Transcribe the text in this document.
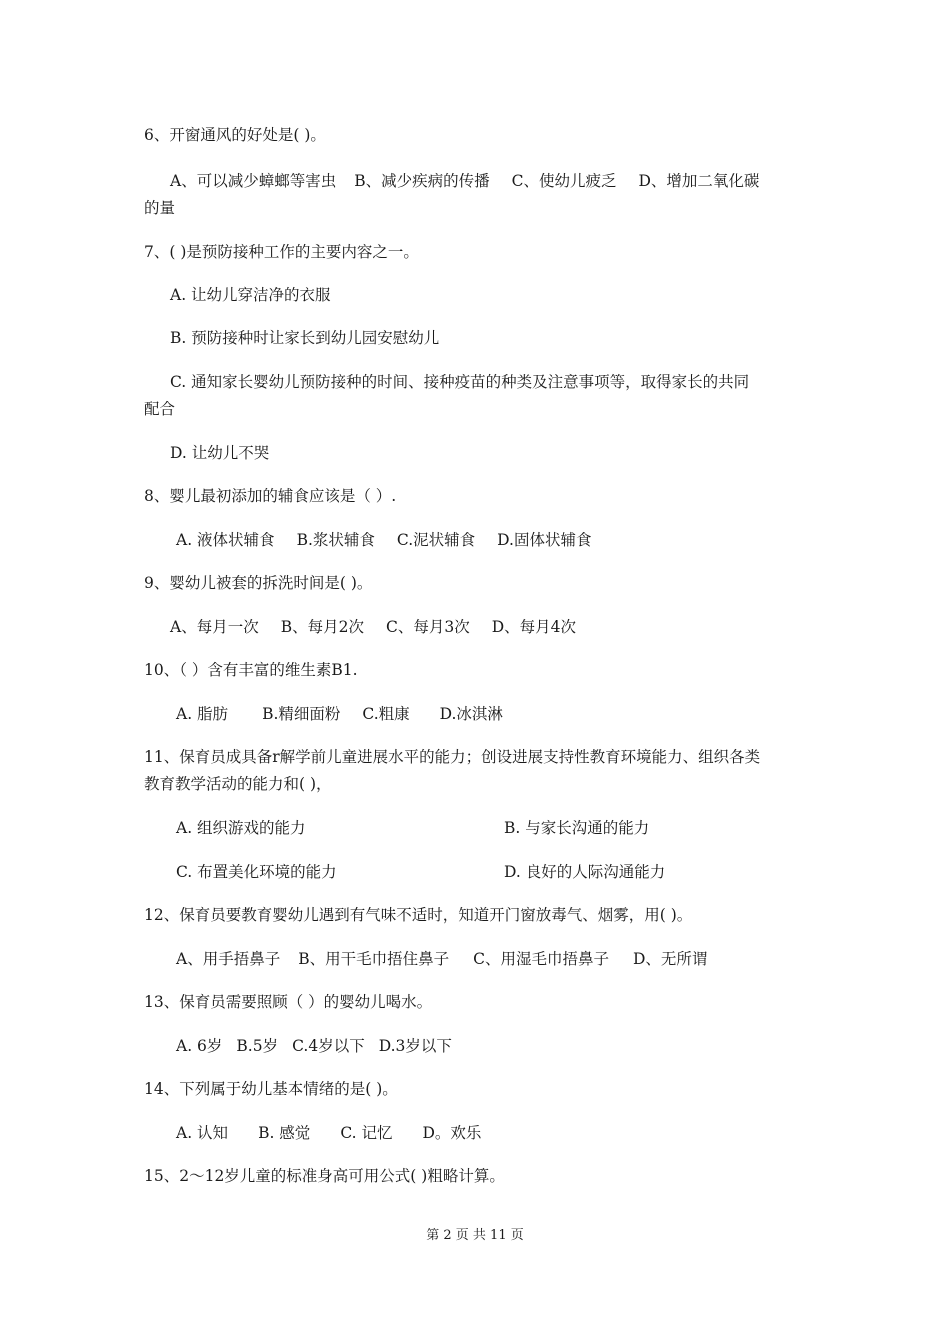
6、开窗通风的好处是( )。
A、可以减少蟑螂等害虫 B、减少疾病的传播 C、使幼儿疲乏 D、增加二氧化碳
的量
7、( )是预防接种工作的主要内容之一。
A. 让幼儿穿洁净的衣服
B. 预防接种时让家长到幼儿园安慰幼儿
C. 通知家长婴幼儿预防接种的时间、接种疫苗的种类及注意事项等，取得家长的共同
配合
D. 让幼儿不哭
8、婴儿最初添加的辅食应该是（ ）.
A. 液体状辅食 B.浆状辅食 C.泥状辅食 D.固体状辅食
9、婴幼儿被套的拆洗时间是( )。
A、每月一次 B、每月2次 C、每月3次 D、每月4次
10、（ ）含有丰富的维生素B1.
A. 脂肪 B.精细面粉 C.粗康 D.冰淇淋
11、保育员成具备r解学前儿童进展水平的能力；创设进展支持性教育环境能力、组织各类
教育教学活动的能力和( )，
A. 组织游戏的能力	B. 与家长沟通的能力
C. 布置美化环境的能力	D. 良好的人际沟通能力
12、保育员要教育婴幼儿遇到有气味不适时，知道开门窗放毒气、烟雾，用( )。
A、用手捂鼻子 B、用干毛巾捂住鼻子 C、用湿毛巾捂鼻子 D、无所谓
13、保育员需要照顾（ ）的婴幼儿喝水。
A. 6岁 B.5岁 C.4岁以下 D.3岁以下
14、下列属于幼儿基本情绪的是( )。
A. 认知 B. 感觉 C. 记忆 D。欢乐
15、2～12岁儿童的标准身高可用公式( )粗略计算。
第 2 页 共 11 页
